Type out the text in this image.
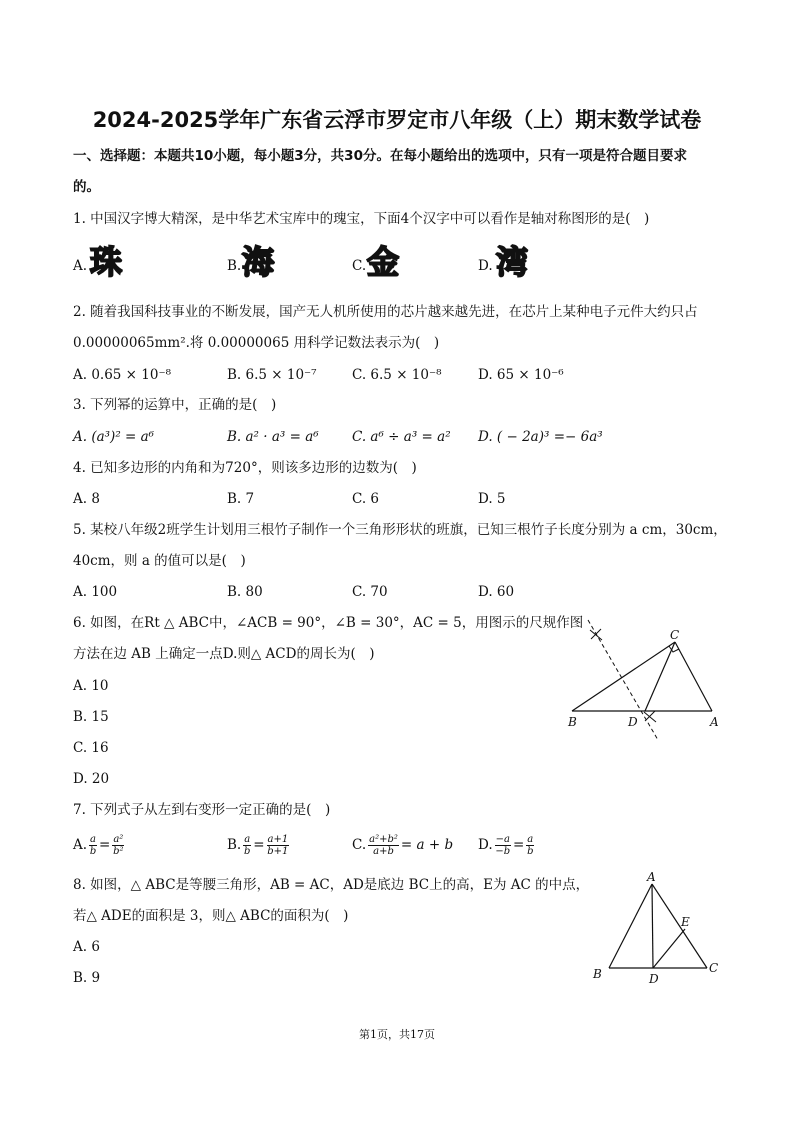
2024-2025学年广东省云浮市罗定市八年级（上）期末数学试卷
一、选择题：本题共10小题，每小题3分，共30分。在每小题给出的选项中，只有一项是符合题目要求
的。
1. 中国汉字博大精深，是中华艺术宝库中的瑰宝，下面4个汉字中可以看作是轴对称图形的是(　)
A. 珠	B. 海	C. 金	D. 湾
2. 随着我国科技事业的不断发展，国产无人机所使用的芯片越来越先进，在芯片上某种电子元件大约只占
0.00000065mm².将 0.00000065 用科学记数法表示为(　)
A. 0.65 × 10⁻⁸	B. 6.5 × 10⁻⁷	C. 6.5 × 10⁻⁸	D. 65 × 10⁻⁶
3. 下列幂的运算中，正确的是(　)
A. (a³)² = a⁶	B. a² · a³ = a⁶ C. a⁶ ÷ a³ = a² D. ( − 2a)³ =− 6a³
4. 已知多边形的内角和为720°，则该多边形的边数为(　)
A. 8	B. 7	C. 6	D. 5
5. 某校八年级2班学生计划用三根竹子制作一个三角形形状的班旗，已知三根竹子长度分别为 a cm，30cm，
40cm，则 a 的值可以是(　)
A. 100	B. 80	C. 70	D. 60
6. 如图，在Rt △ ABC中，∠ACB = 90°，∠B = 30°，AC = 5，用图示的尺规作图
方法在边 AB 上确定一点D.则△ ACD的周长为(　)
A. 10
B. 15
C. 16
D. 20
B	D	A
C
7. 下列式子从左到右变形一定正确的是(　)
A. $\frac{a}{b} = \frac{\text{a²}}{\text{b²}}$	B. $\frac{a}{b} = \frac{a+1}{b+1}$	C. $\frac{\text{a²+b²}}{a+b} = a + b$ D. $\frac{-a}{-b} = \frac{a}{b}$
8. 如图，△ ABC是等腰三角形，AB = AC，AD是底边 BC上的高，E为 AC 的中点，
若△ ADE的面积是 3，则△ ABC的面积为(　)
A. 6
B. 9
A
B	C
D
E
第1页，共17页
